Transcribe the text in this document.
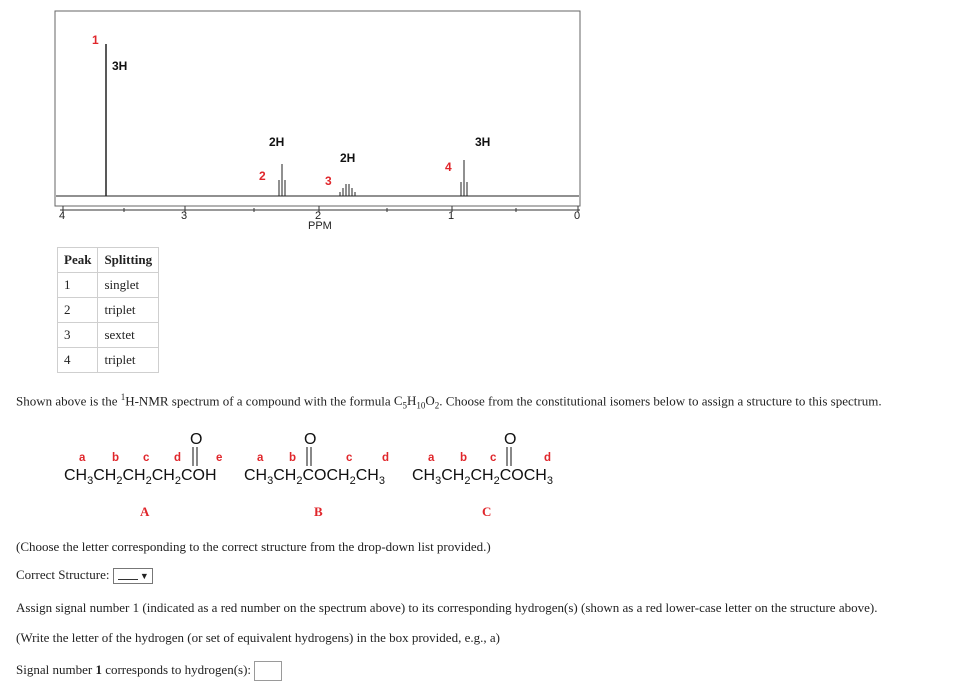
1
2	3
4
3H
2H
2H
3H
4	3	2	1	0
PPM
Peak	Splitting
1	singlet
2	triplet
3	sextet
4	triplet
Shown above is the $^1$H-NMR spectrum of a compound with the formula $C_5H_{10}O_2$. Choose from the constitutional isomers below to assign a structure to this spectrum.
a b c d	e
O
$CH_3CH_2CH_2CH_2COH$
a b	c	d
O
$CH_3CH_2COCH_2CH_3$
a b c	d
O
$CH_3CH_2CH_2COCH_3$
A	B	C
(Choose the letter corresponding to the correct structure from the drop-down list provided.)
Correct Structure:	▼
Assign signal number 1 (indicated as a red number on the spectrum above) to its corresponding hydrogen(s) (shown as a red lower-case letter on the structure above).
(Write the letter of the hydrogen (or set of equivalent hydrogens) in the box provided, e.g., a)
Signal number 1 corresponds to hydrogen(s):
